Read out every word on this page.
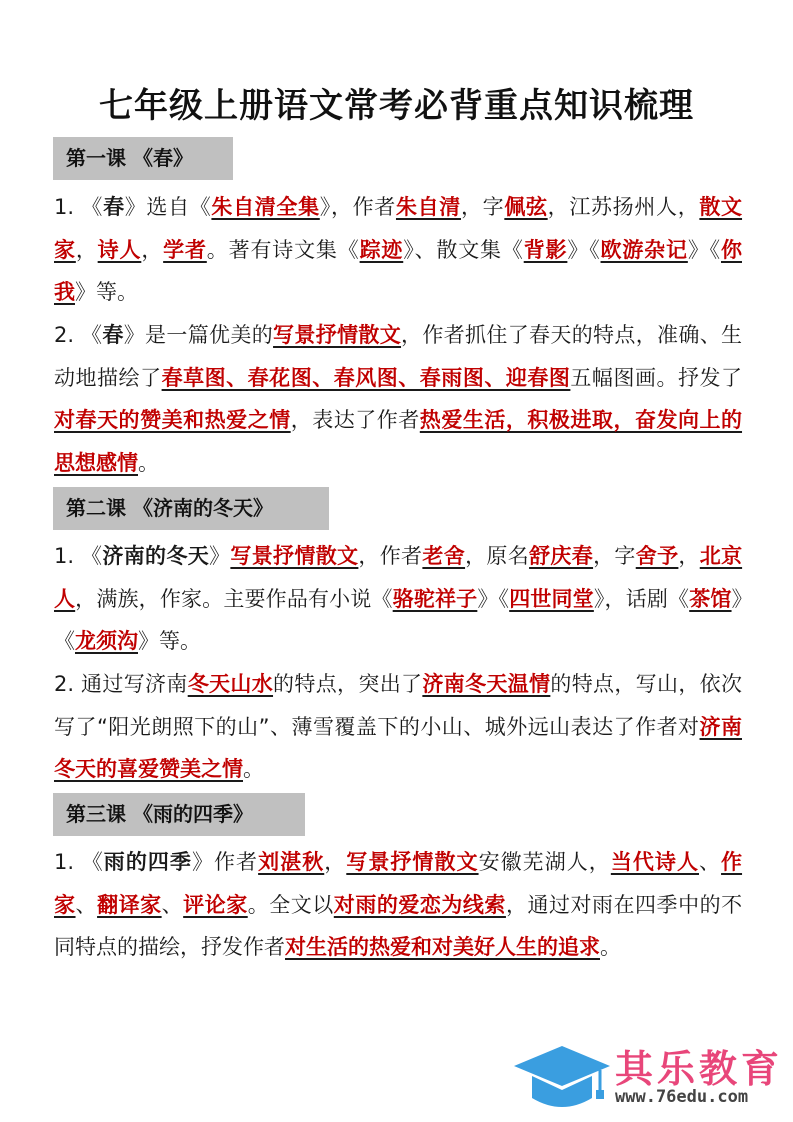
七年级上册语文常考必背重点知识梳理
第一课 《春》
1. 《春》选自《朱自清全集》，作者朱自清，字佩弦，江苏扬州人，散文家，诗人，学者。著有诗文集《踪迹》、散文集《背影》《欧游杂记》《你我》等。
2. 《春》是一篇优美的写景抒情散文，作者抓住了春天的特点，准确、生动地描绘了春草图、春花图、春风图、春雨图、迎春图五幅图画。抒发了对春天的赞美和热爱之情，表达了作者热爱生活，积极进取，奋发向上的思想感情。
第二课 《济南的冬天》
1. 《济南的冬天》写景抒情散文，作者老舍，原名舒庆春，字舍予，北京人，满族，作家。主要作品有小说《骆驼祥子》《四世同堂》，话剧《茶馆》《龙须沟》等。
2. 通过写济南冬天山水的特点，突出了济南冬天温情的特点，写山，依次写了“阳光朗照下的山”、薄雪覆盖下的小山、城外远山表达了作者对济南冬天的喜爱赞美之情。
第三课 《雨的四季》
1. 《雨的四季》作者刘湛秋，写景抒情散文安徽芜湖人，当代诗人、作家、翻译家、评论家。全文以对雨的爱恋为线索，通过对雨在四季中的不同特点的描绘，抒发作者对生活的热爱和对美好人生的追求。
其乐教育
www.76edu.com
